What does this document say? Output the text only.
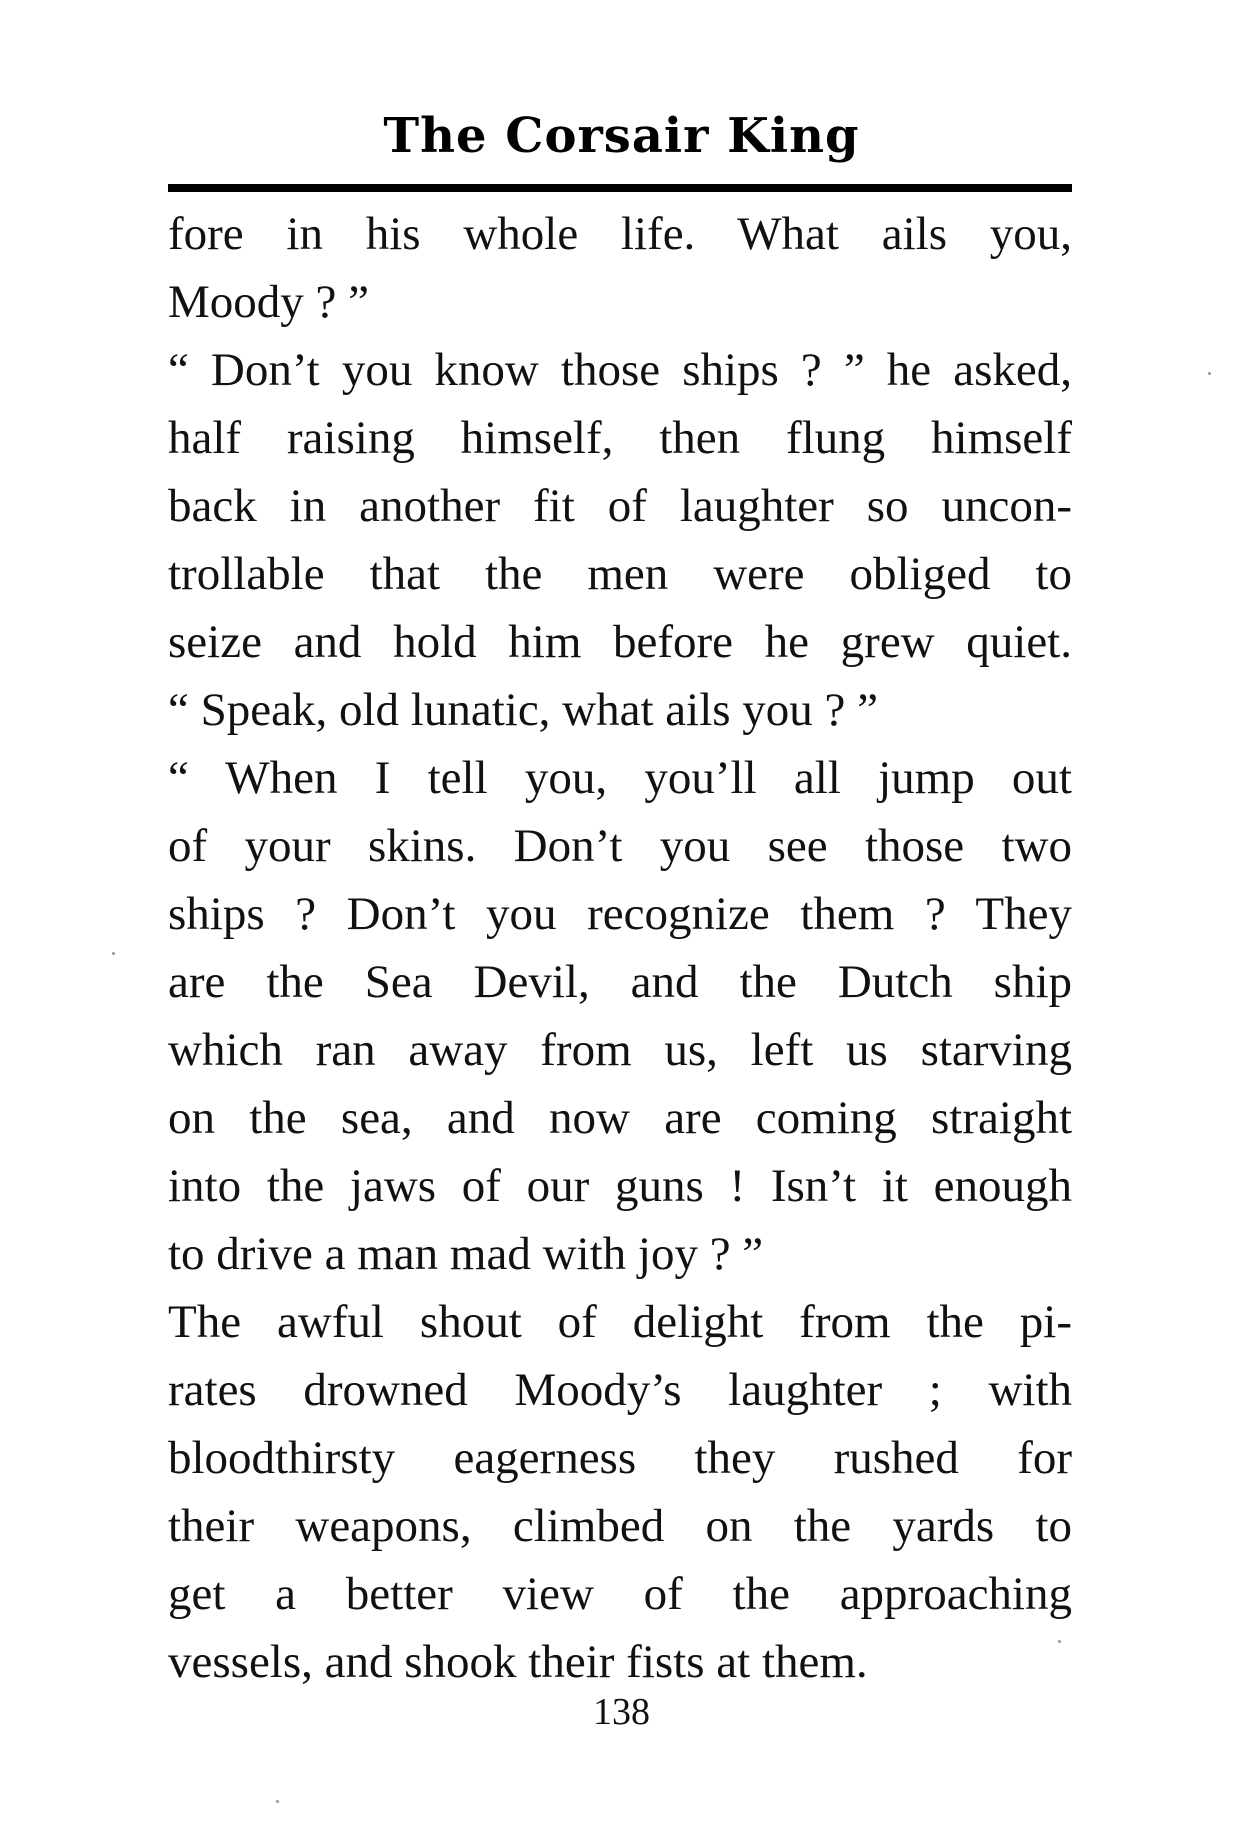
The Corsair King
fore in his whole life. What ails you,
Moody ? ”
“ Don’t you know those ships ? ” he asked,
half raising himself, then flung himself
back in another fit of laughter so uncon-
trollable that the men were obliged to
seize and hold him before he grew quiet.
“ Speak, old lunatic, what ails you ? ”
“ When I tell you, you’ll all jump out
of your skins. Don’t you see those two
ships ? Don’t you recognize them ? They
are the Sea Devil, and the Dutch ship
which ran away from us, left us starving
on the sea, and now are coming straight
into the jaws of our guns ! Isn’t it enough
to drive a man mad with joy ? ”
The awful shout of delight from the pi-
rates drowned Moody’s laughter ; with
bloodthirsty eagerness they rushed for
their weapons, climbed on the yards to
get a better view of the approaching
vessels, and shook their fists at them.
138
